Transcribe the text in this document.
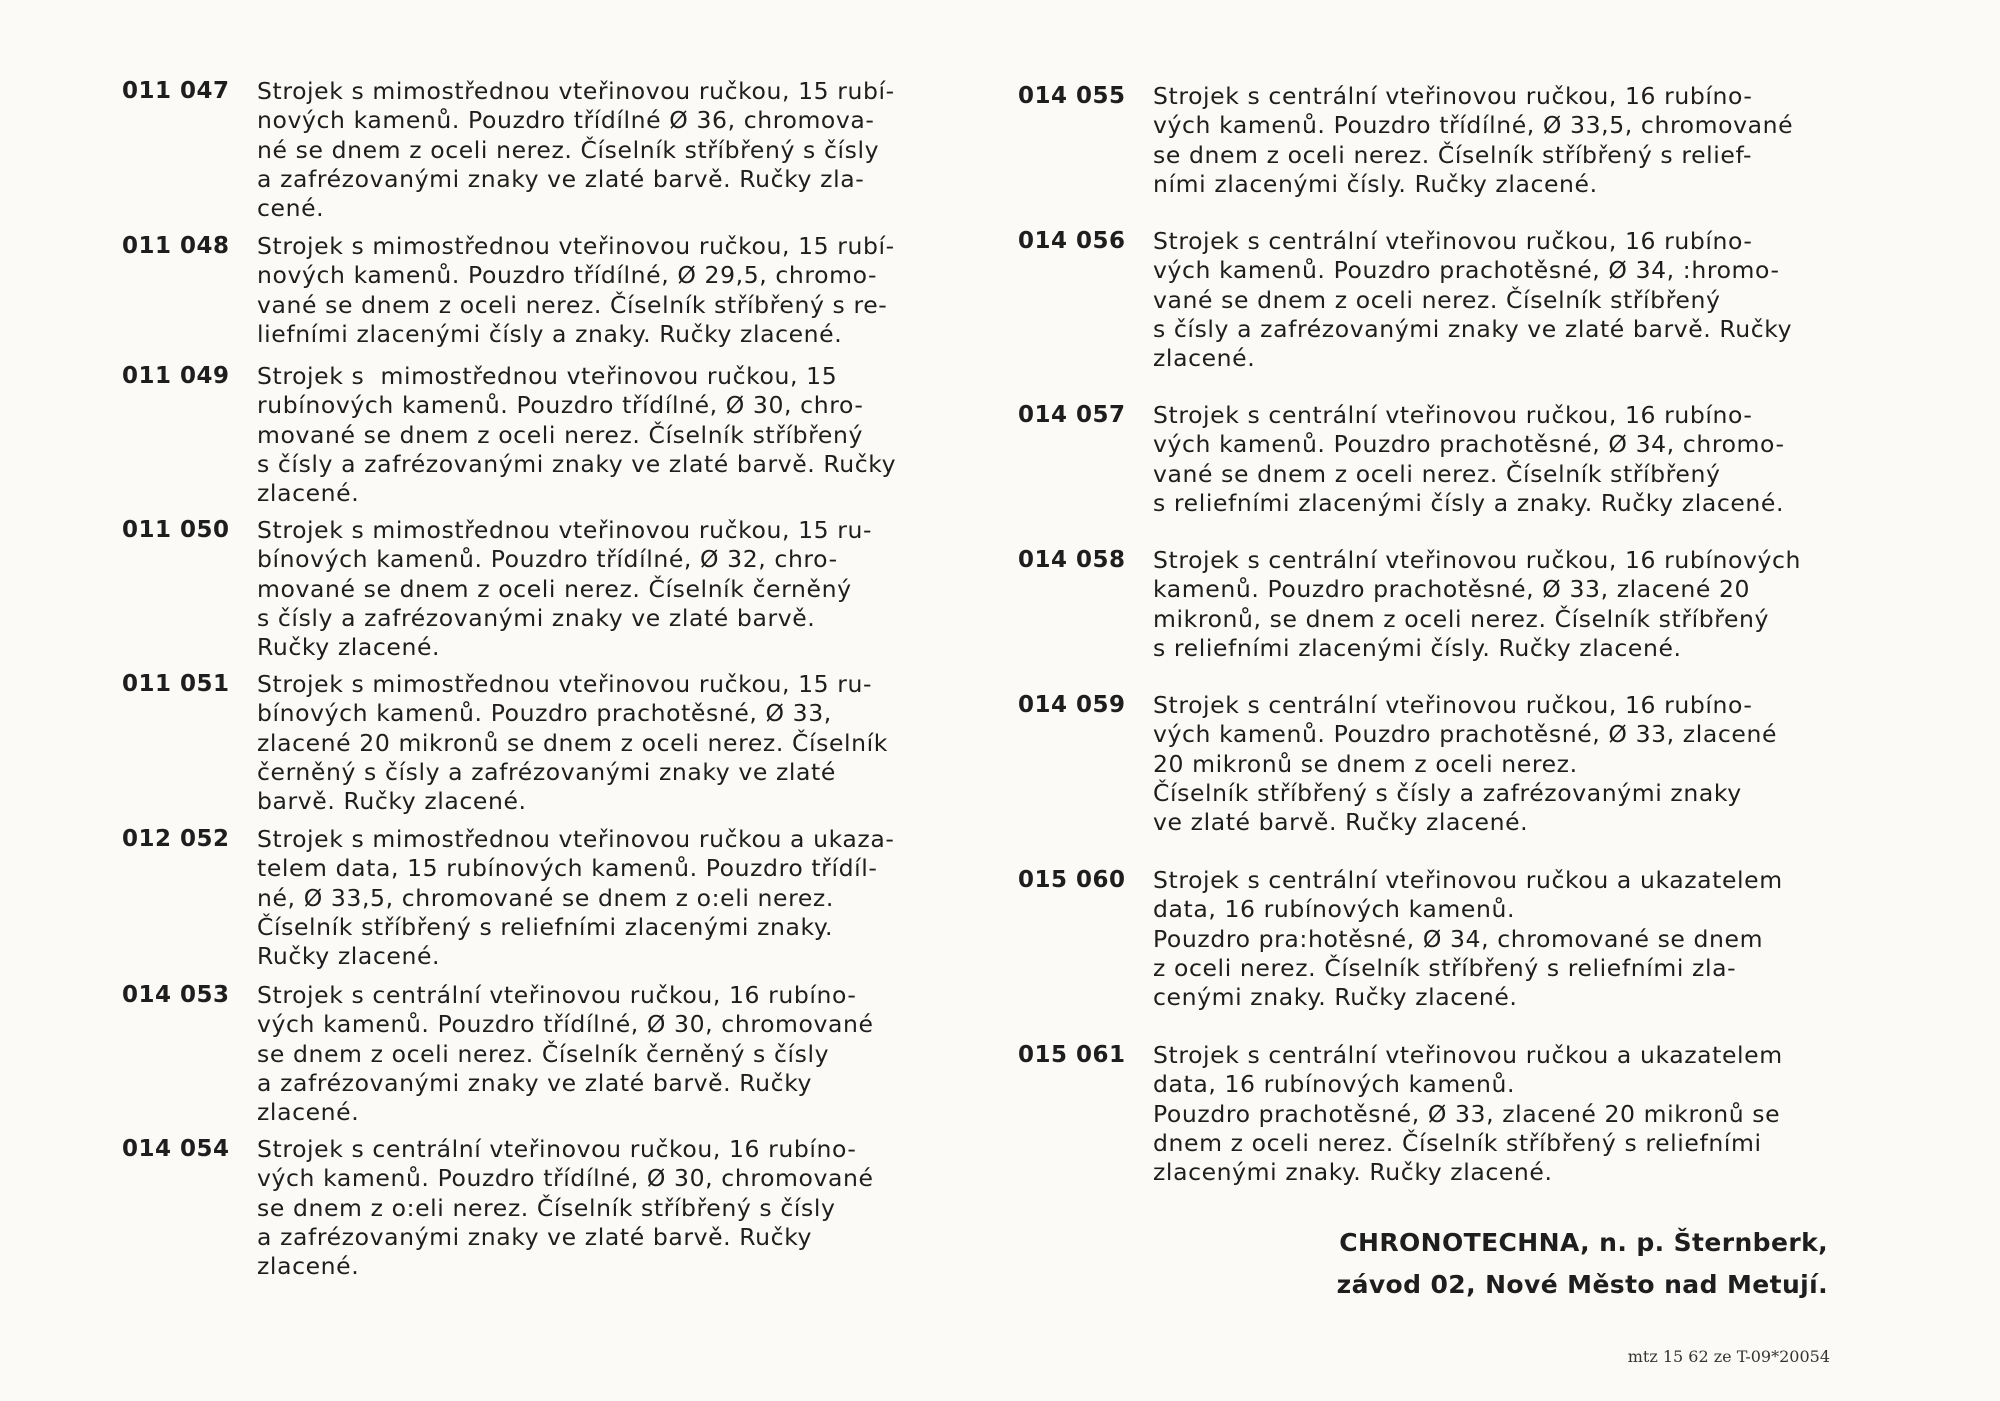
011 047 Strojek s mimostřednou vteřinovou ručkou, 15 rubí-
nových kamenů. Pouzdro třídílné Ø 36, chromova-
né se dnem z oceli nerez. Číselník stříbřený s čísly
a zafrézovanými znaky ve zlaté barvě. Ručky zla-
cené.
011 048 Strojek s mimostřednou vteřinovou ručkou, 15 rubí-
nových kamenů. Pouzdro třídílné, Ø 29,5, chromo-
vané se dnem z oceli nerez. Číselník stříbřený s re-
liefními zlacenými čísly a znaky. Ručky zlacené.
011 049 Strojek s  mimostřednou vteřinovou ručkou, 15
rubínových kamenů. Pouzdro třídílné, Ø 30, chro-
mované se dnem z oceli nerez. Číselník stříbřený
s čísly a zafrézovanými znaky ve zlaté barvě. Ručky
zlacené.
011 050 Strojek s mimostřednou vteřinovou ručkou, 15 ru-
bínových kamenů. Pouzdro třídílné, Ø 32, chro-
mované se dnem z oceli nerez. Číselník černěný
s čísly a zafrézovanými znaky ve zlaté barvě.
Ručky zlacené.
011 051 Strojek s mimostřednou vteřinovou ručkou, 15 ru-
bínových kamenů. Pouzdro prachotěsné, Ø 33,
zlacené 20 mikronů se dnem z oceli nerez. Číselník
černěný s čísly a zafrézovanými znaky ve zlaté
barvě. Ručky zlacené.
012 052 Strojek s mimostřednou vteřinovou ručkou a ukaza-
telem data, 15 rubínových kamenů. Pouzdro třídíl-
né, Ø 33,5, chromované se dnem z o:eli nerez.
Číselník stříbřený s reliefními zlacenými znaky.
Ručky zlacené.
014 053 Strojek s centrální vteřinovou ručkou, 16 rubíno-
vých kamenů. Pouzdro třídílné, Ø 30, chromované
se dnem z oceli nerez. Číselník černěný s čísly
a zafrézovanými znaky ve zlaté barvě. Ručky
zlacené.
014 054 Strojek s centrální vteřinovou ručkou, 16 rubíno-
vých kamenů. Pouzdro třídílné, Ø 30, chromované
se dnem z o:eli nerez. Číselník stříbřený s čísly
a zafrézovanými znaky ve zlaté barvě. Ručky
zlacené.
014 055 Strojek s centrální vteřinovou ručkou, 16 rubíno-
vých kamenů. Pouzdro třídílné, Ø 33,5, chromované
se dnem z oceli nerez. Číselník stříbřený s relief-
ními zlacenými čísly. Ručky zlacené.
014 056 Strojek s centrální vteřinovou ručkou, 16 rubíno-
vých kamenů. Pouzdro prachotěsné, Ø 34, :hromo-
vané se dnem z oceli nerez. Číselník stříbřený
s čísly a zafrézovanými znaky ve zlaté barvě. Ručky
zlacené.
014 057 Strojek s centrální vteřinovou ručkou, 16 rubíno-
vých kamenů. Pouzdro prachotěsné, Ø 34, chromo-
vané se dnem z oceli nerez. Číselník stříbřený
s reliefními zlacenými čísly a znaky. Ručky zlacené.
014 058 Strojek s centrální vteřinovou ručkou, 16 rubínových
kamenů. Pouzdro prachotěsné, Ø 33, zlacené 20
mikronů, se dnem z oceli nerez. Číselník stříbřený
s reliefními zlacenými čísly. Ručky zlacené.
014 059 Strojek s centrální vteřinovou ručkou, 16 rubíno-
vých kamenů. Pouzdro prachotěsné, Ø 33, zlacené
20 mikronů se dnem z oceli nerez.
Číselník stříbřený s čísly a zafrézovanými znaky
ve zlaté barvě. Ručky zlacené.
015 060 Strojek s centrální vteřinovou ručkou a ukazatelem
data, 16 rubínových kamenů.
Pouzdro pra:hotěsné, Ø 34, chromované se dnem
z oceli nerez. Číselník stříbřený s reliefními zla-
cenými znaky. Ručky zlacené.
015 061 Strojek s centrální vteřinovou ručkou a ukazatelem
data, 16 rubínových kamenů.
Pouzdro prachotěsné, Ø 33, zlacené 20 mikronů se
dnem z oceli nerez. Číselník stříbřený s reliefními
zlacenými znaky. Ručky zlacené.
CHRONOTECHNA, n. p. Šternberk,
závod 02, Nové Město nad Metují.
mtz 15 62 ze T-09*20054
